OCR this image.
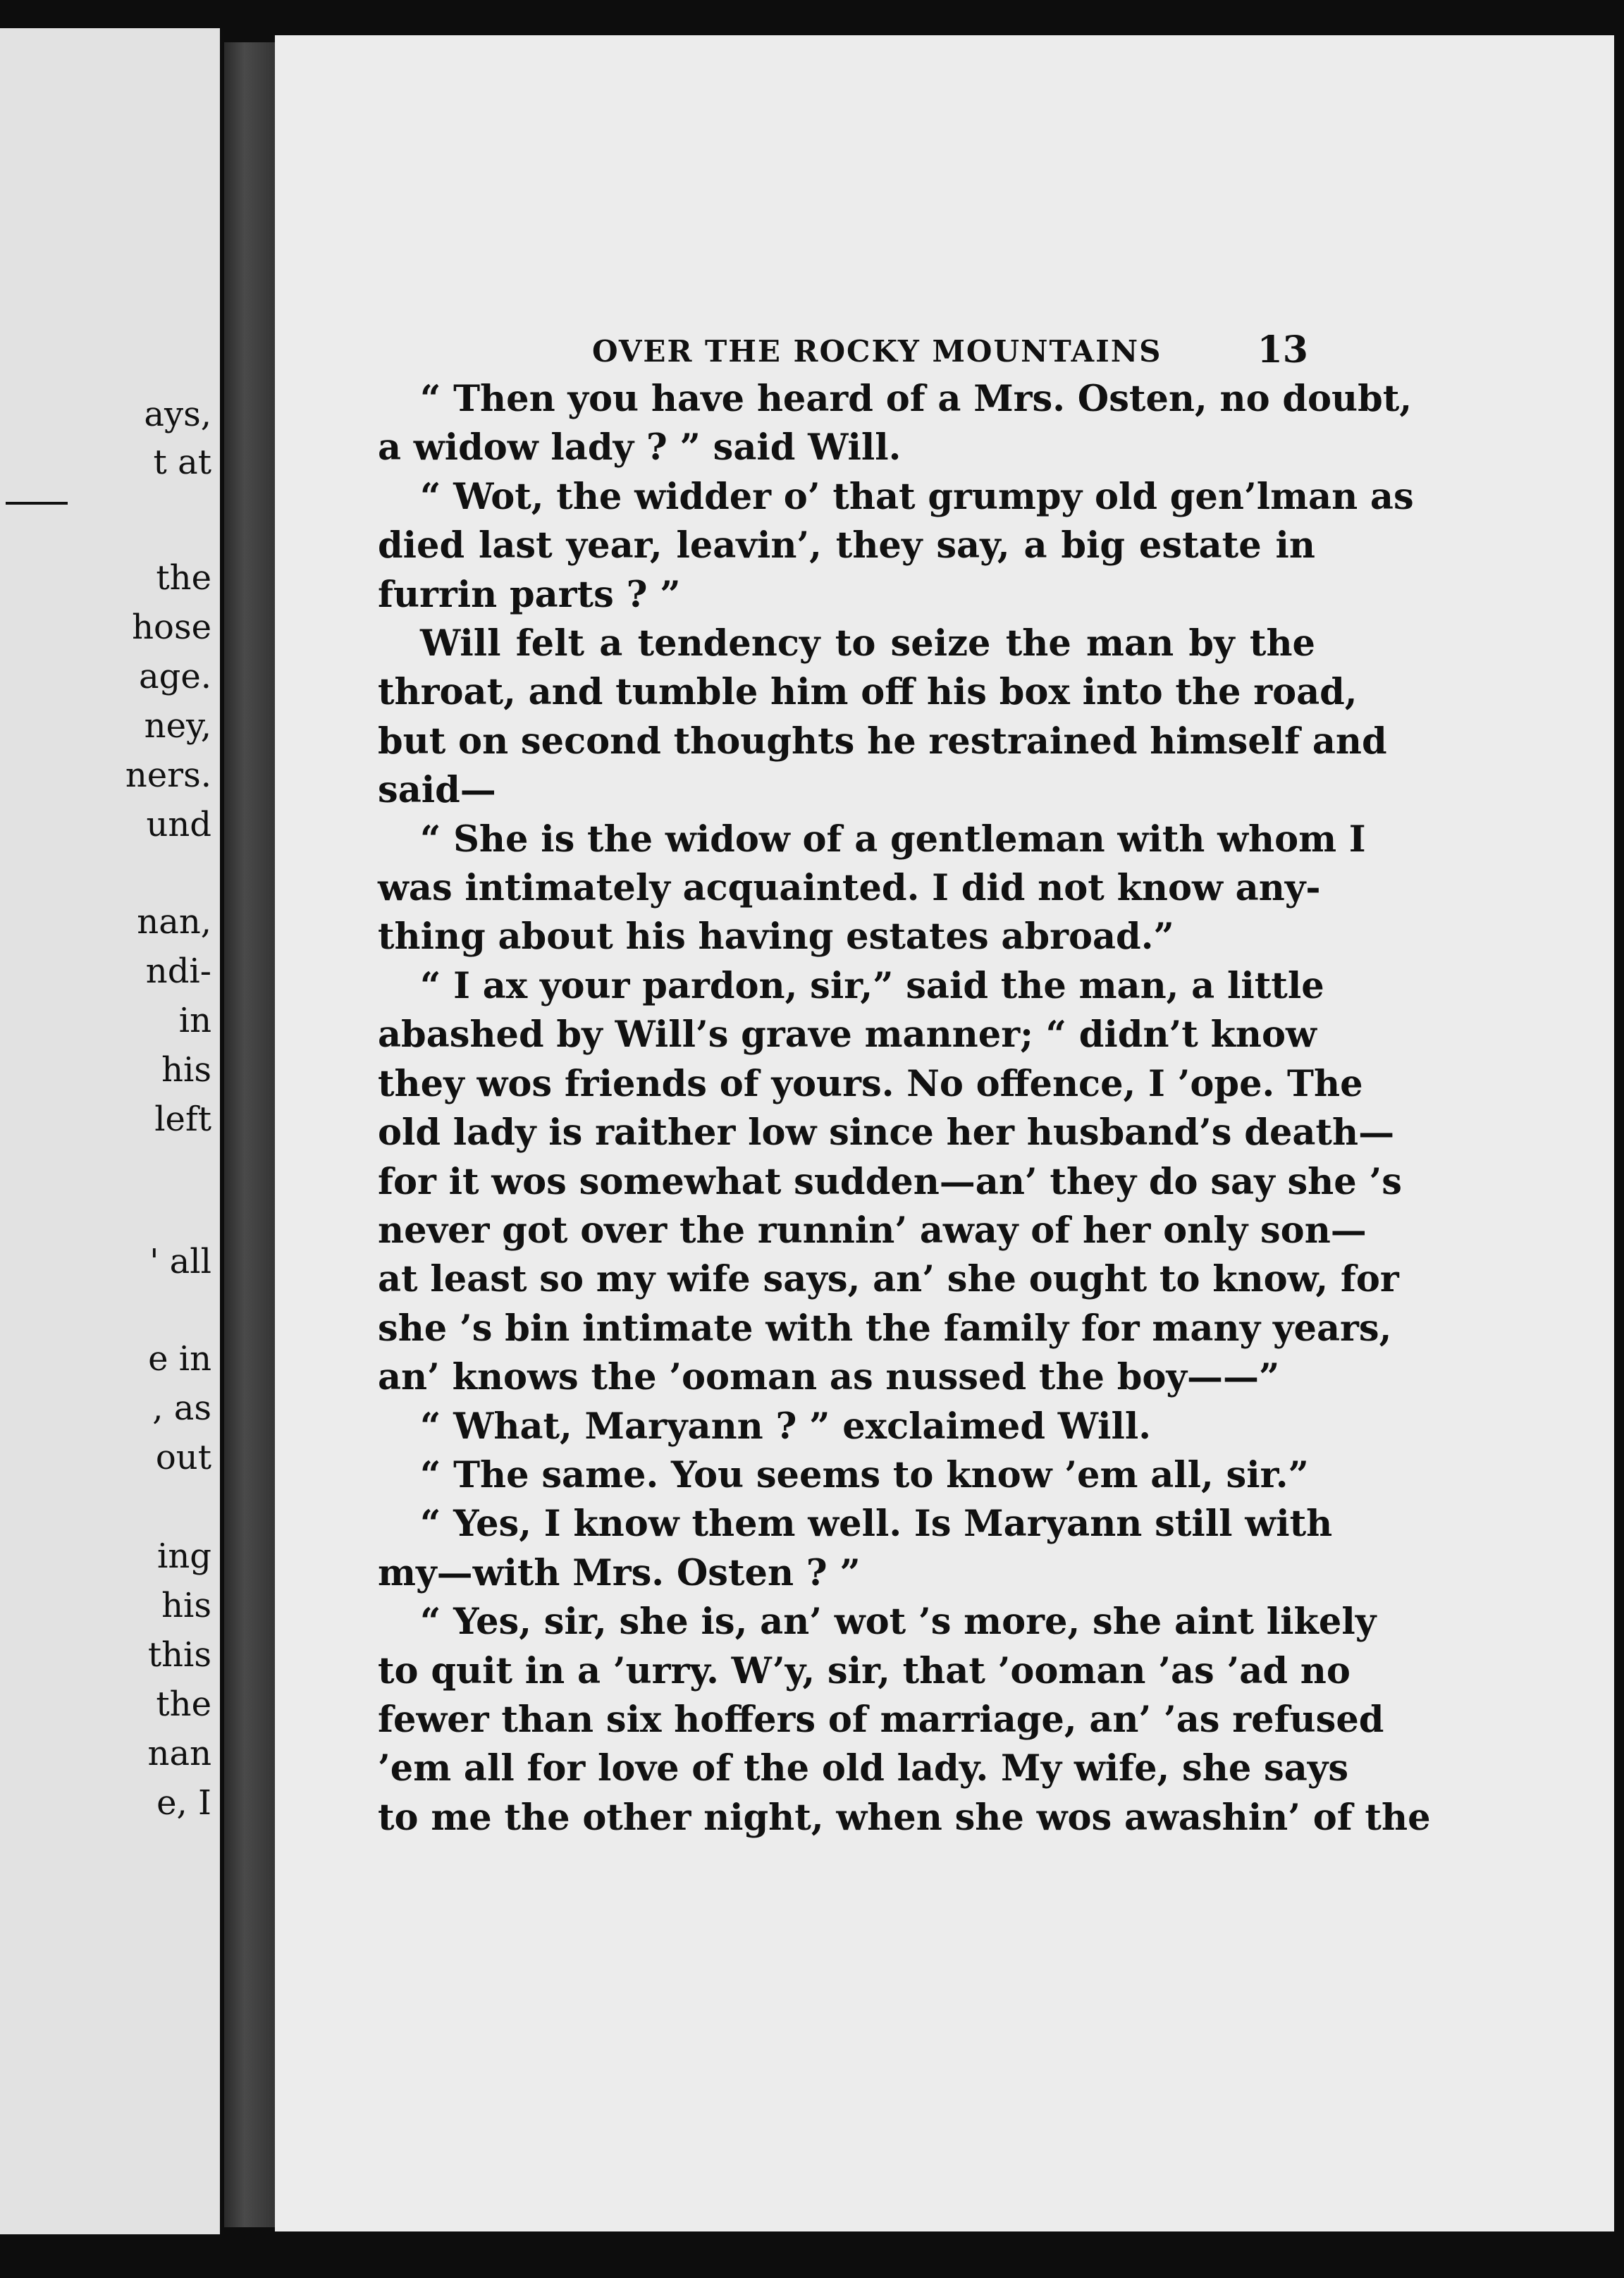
ays,
t at
the
hose
age.
ney,
ners.
und
nan,
ndi-
in
his
left
' all
e in
, as
out
ing
his
this
the
nan
e, I
OVER THE ROCKY MOUNTAINS	13
“ Then you have heard of a Mrs. Osten, no doubt,
a widow lady ? ” said Will.
“ Wot, the widder o’ that grumpy old gen’lman as
died last year, leavin’, they say, a big estate in
furrin parts ? ”
Will felt a tendency to seize the man by the
throat, and tumble him off his box into the road,
but on second thoughts he restrained himself and
said—
“ She is the widow of a gentleman with whom I
was intimately acquainted. I did not know any-
thing about his having estates abroad.”
“ I ax your pardon, sir,” said the man, a little
abashed by Will’s grave manner; “ didn’t know
they wos friends of yours. No offence, I ’ope. The
old lady is raither low since her husband’s death—
for it wos somewhat sudden—an’ they do say she ’s
never got over the runnin’ away of her only son—
at least so my wife says, an’ she ought to know, for
she ’s bin intimate with the family for many years,
an’ knows the ’ooman as nussed the boy——”
“ What, Maryann ? ” exclaimed Will.
“ The same. You seems to know ’em all, sir.”
“ Yes, I know them well. Is Maryann still with
my—with Mrs. Osten ? ”
“ Yes, sir, she is, an’ wot ’s more, she aint likely
to quit in a ’urry. W’y, sir, that ’ooman ’as ’ad no
fewer than six hoffers of marriage, an’ ’as refused
’em all for love of the old lady. My wife, she says
to me the other night, when she wos awashin’ of the
